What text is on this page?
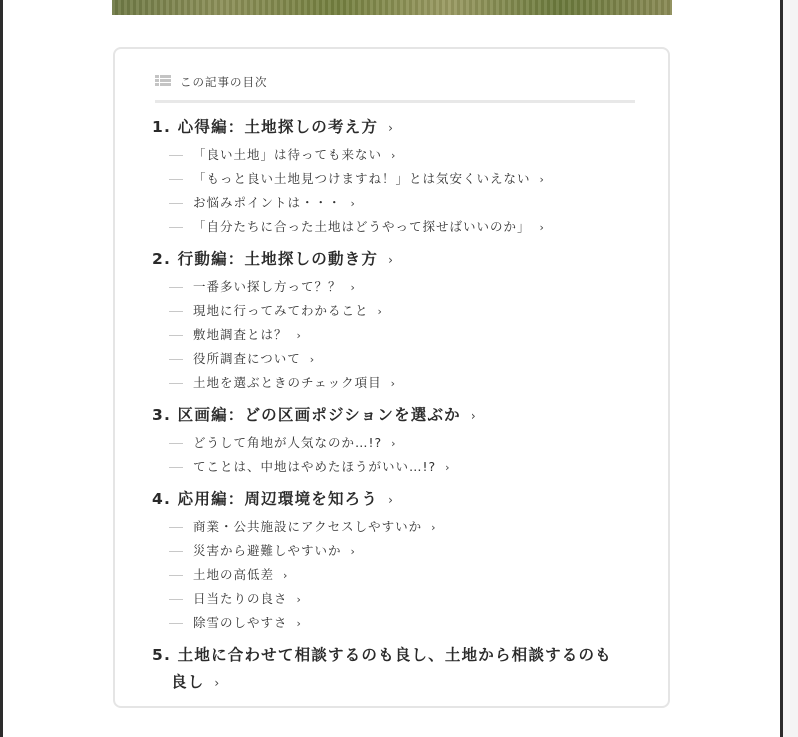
この記事の目次
1. 心得編：土地探しの考え方 ›
「良い土地」は待っても来ない ›
「もっと良い土地見つけますね！」とは気安くいえない ›
お悩みポイントは・・・ ›
「自分たちに合った土地はどうやって探せばいいのか」 ›
2. 行動編：土地探しの動き方 ›
一番多い探し方って？？ ›
現地に行ってみてわかること ›
敷地調査とは？ ›
役所調査について ›
土地を選ぶときのチェック項目 ›
3. 区画編：どの区画ポジションを選ぶか ›
どうして角地が人気なのか…!? ›
てことは、中地はやめたほうがいい…!? ›
4. 応用編：周辺環境を知ろう ›
商業・公共施設にアクセスしやすいか ›
災害から避難しやすいか ›
土地の高低差 ›
日当たりの良さ ›
除雪のしやすさ ›
5. 土地に合わせて相談するのも良し、土地から相談するのも
良し ›
